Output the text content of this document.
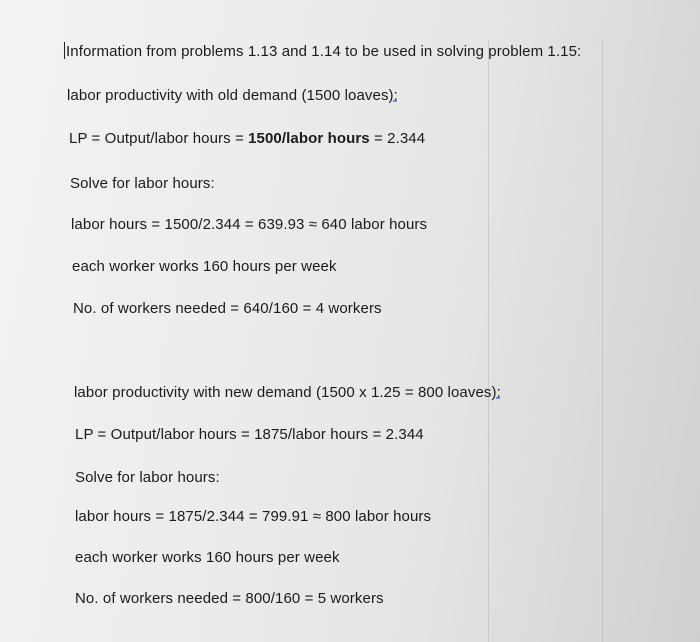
Information from problems 1.13 and 1.14 to be used in solving problem 1.15:
labor productivity with old demand (1500 loaves):
LP = Output/labor hours = 1500/labor hours = 2.344
Solve for labor hours:
labor hours = 1500/2.344 = 639.93 ≈ 640 labor hours
each worker works 160 hours per week
No. of workers needed = 640/160 = 4 workers
labor productivity with new demand (1500 x 1.25 = 800 loaves):
LP = Output/labor hours = 1875/labor hours = 2.344
Solve for labor hours:
labor hours = 1875/2.344 = 799.91 ≈ 800 labor hours
each worker works 160 hours per week
No. of workers needed = 800/160 = 5 workers
